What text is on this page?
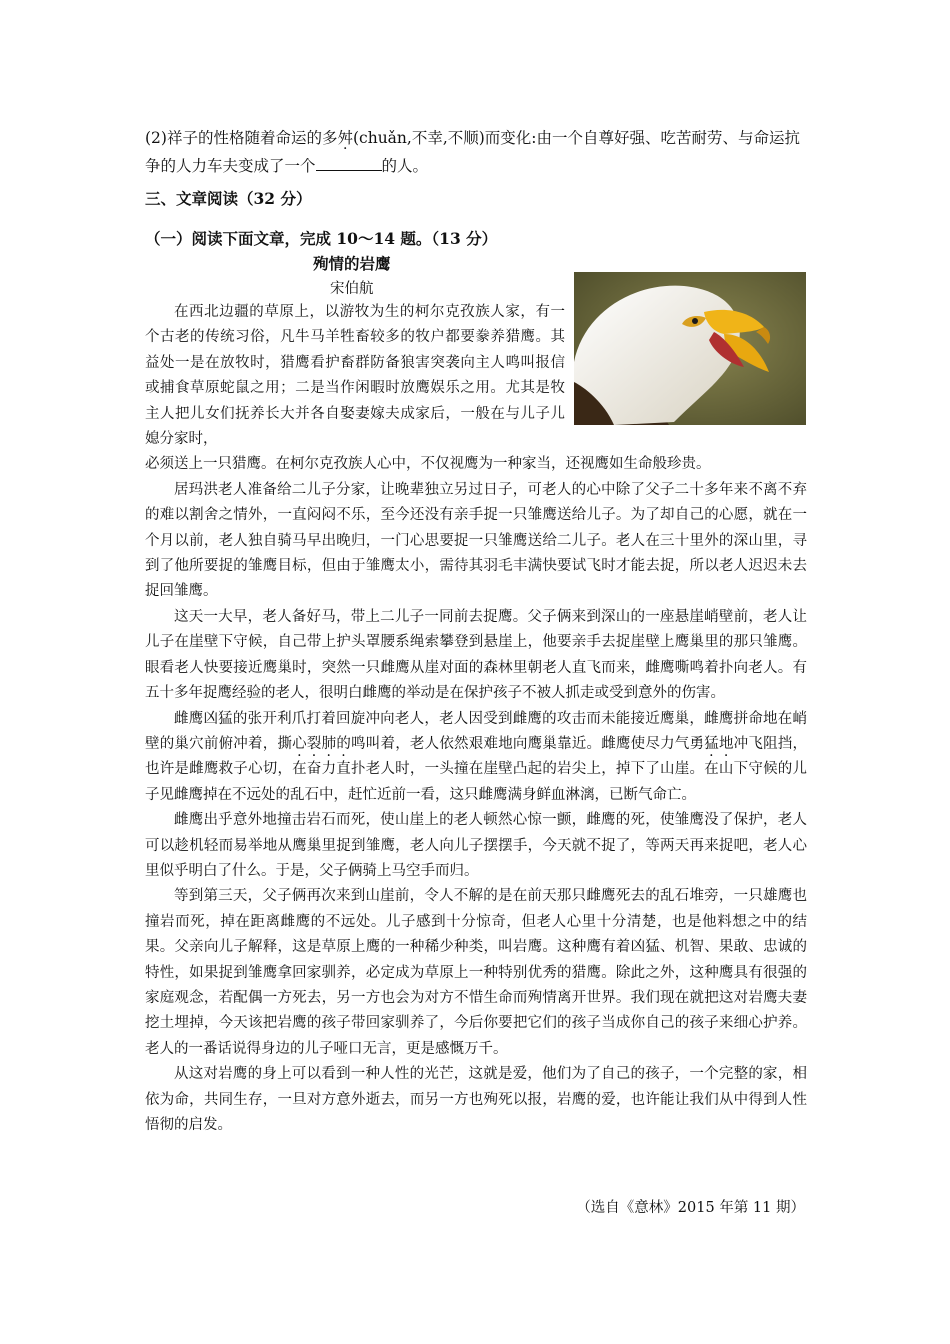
(2)祥子的性格随着命运的多舛(chuǎn,不幸,不顺)而变化:由一个自尊好强、吃苦耐劳、与命运抗争的人力车夫变成了一个	的人。
三、文章阅读（32 分）
（一）阅读下面文章，完成 10～14 题。（13 分）
殉情的岩鹰
宋伯航

在西北边疆的草原上，以游牧为生的柯尔克孜族人家，有一个古老的传统习俗，凡牛马羊牲畜较多的牧户都要豢养猎鹰。其益处一是在放牧时，猎鹰看护畜群防备狼害突袭向主人鸣叫报信或捕食草原蛇鼠之用；二是当作闲暇时放鹰娱乐之用。尤其是牧主人把儿女们抚养长大并各自娶妻嫁夫成家后，一般在与儿子儿媳分家时，

必须送上一只猎鹰。在柯尔克孜族人心中，不仅视鹰为一种家当，还视鹰如生命般珍贵。

居玛洪老人准备给二儿子分家，让晚辈独立另过日子，可老人的心中除了父子二十多年来不离不弃的难以割舍之情外，一直闷闷不乐，至今还没有亲手捉一只雏鹰送给儿子。为了却自己的心愿，就在一个月以前，老人独自骑马早出晚归，一门心思要捉一只雏鹰送给二儿子。老人在三十里外的深山里，寻到了他所要捉的雏鹰目标，但由于雏鹰太小，需待其羽毛丰满快要试飞时才能去捉，所以老人迟迟未去捉回雏鹰。

这天一大早，老人备好马，带上二儿子一同前去捉鹰。父子俩来到深山的一座悬崖峭壁前，老人让儿子在崖壁下守候，自己带上护头罩腰系绳索攀登到悬崖上，他要亲手去捉崖壁上鹰巢里的那只雏鹰。眼看老人快要接近鹰巢时，突然一只雌鹰从崖对面的森林里朝老人直飞而来，雌鹰嘶鸣着扑向老人。有五十多年捉鹰经验的老人，很明白雌鹰的举动是在保护孩子不被人抓走或受到意外的伤害。

雌鹰凶猛的张开利爪打着回旋冲向老人，老人因受到雌鹰的攻击而未能接近鹰巢，雌鹰拼命地在峭壁的巢穴前俯冲着，撕心裂肺的鸣叫着，老人依然艰难地向鹰巢靠近。雌鹰使尽力气勇猛地冲飞阻挡，也许是雌鹰救子心切，在奋力直扑老人时，一头撞在崖壁凸起的岩尖上，掉下了山崖。在山下守候的儿子见雌鹰掉在不远处的乱石中，赶忙近前一看，这只雌鹰满身鲜血淋漓，已断气命亡。

雌鹰出乎意外地撞击岩石而死，使山崖上的老人顿然心惊一颤，雌鹰的死，使雏鹰没了保护，老人可以趁机轻而易举地从鹰巢里捉到雏鹰，老人向儿子摆摆手，今天就不捉了，等两天再来捉吧，老人心里似乎明白了什么。于是，父子俩骑上马空手而归。

等到第三天，父子俩再次来到山崖前，令人不解的是在前天那只雌鹰死去的乱石堆旁，一只雄鹰也撞岩而死，掉在距离雌鹰的不远处。儿子感到十分惊奇，但老人心里十分清楚，也是他料想之中的结果。父亲向儿子解释，这是草原上鹰的一种稀少种类，叫岩鹰。这种鹰有着凶猛、机智、果敢、忠诚的特性，如果捉到雏鹰拿回家驯养，必定成为草原上一种特别优秀的猎鹰。除此之外，这种鹰具有很强的家庭观念，若配偶一方死去，另一方也会为对方不惜生命而殉情离开世界。我们现在就把这对岩鹰夫妻挖土埋掉，今天该把岩鹰的孩子带回家驯养了，今后你要把它们的孩子当成你自己的孩子来细心护养。老人的一番话说得身边的儿子哑口无言，更是感慨万千。

从这对岩鹰的身上可以看到一种人性的光芒，这就是爱，他们为了自己的孩子，一个完整的家，相依为命，共同生存，一旦对方意外逝去，而另一方也殉死以报，岩鹰的爱，也许能让我们从中得到人性悟彻的启发。

（选自《意林》2015 年第 11 期）
